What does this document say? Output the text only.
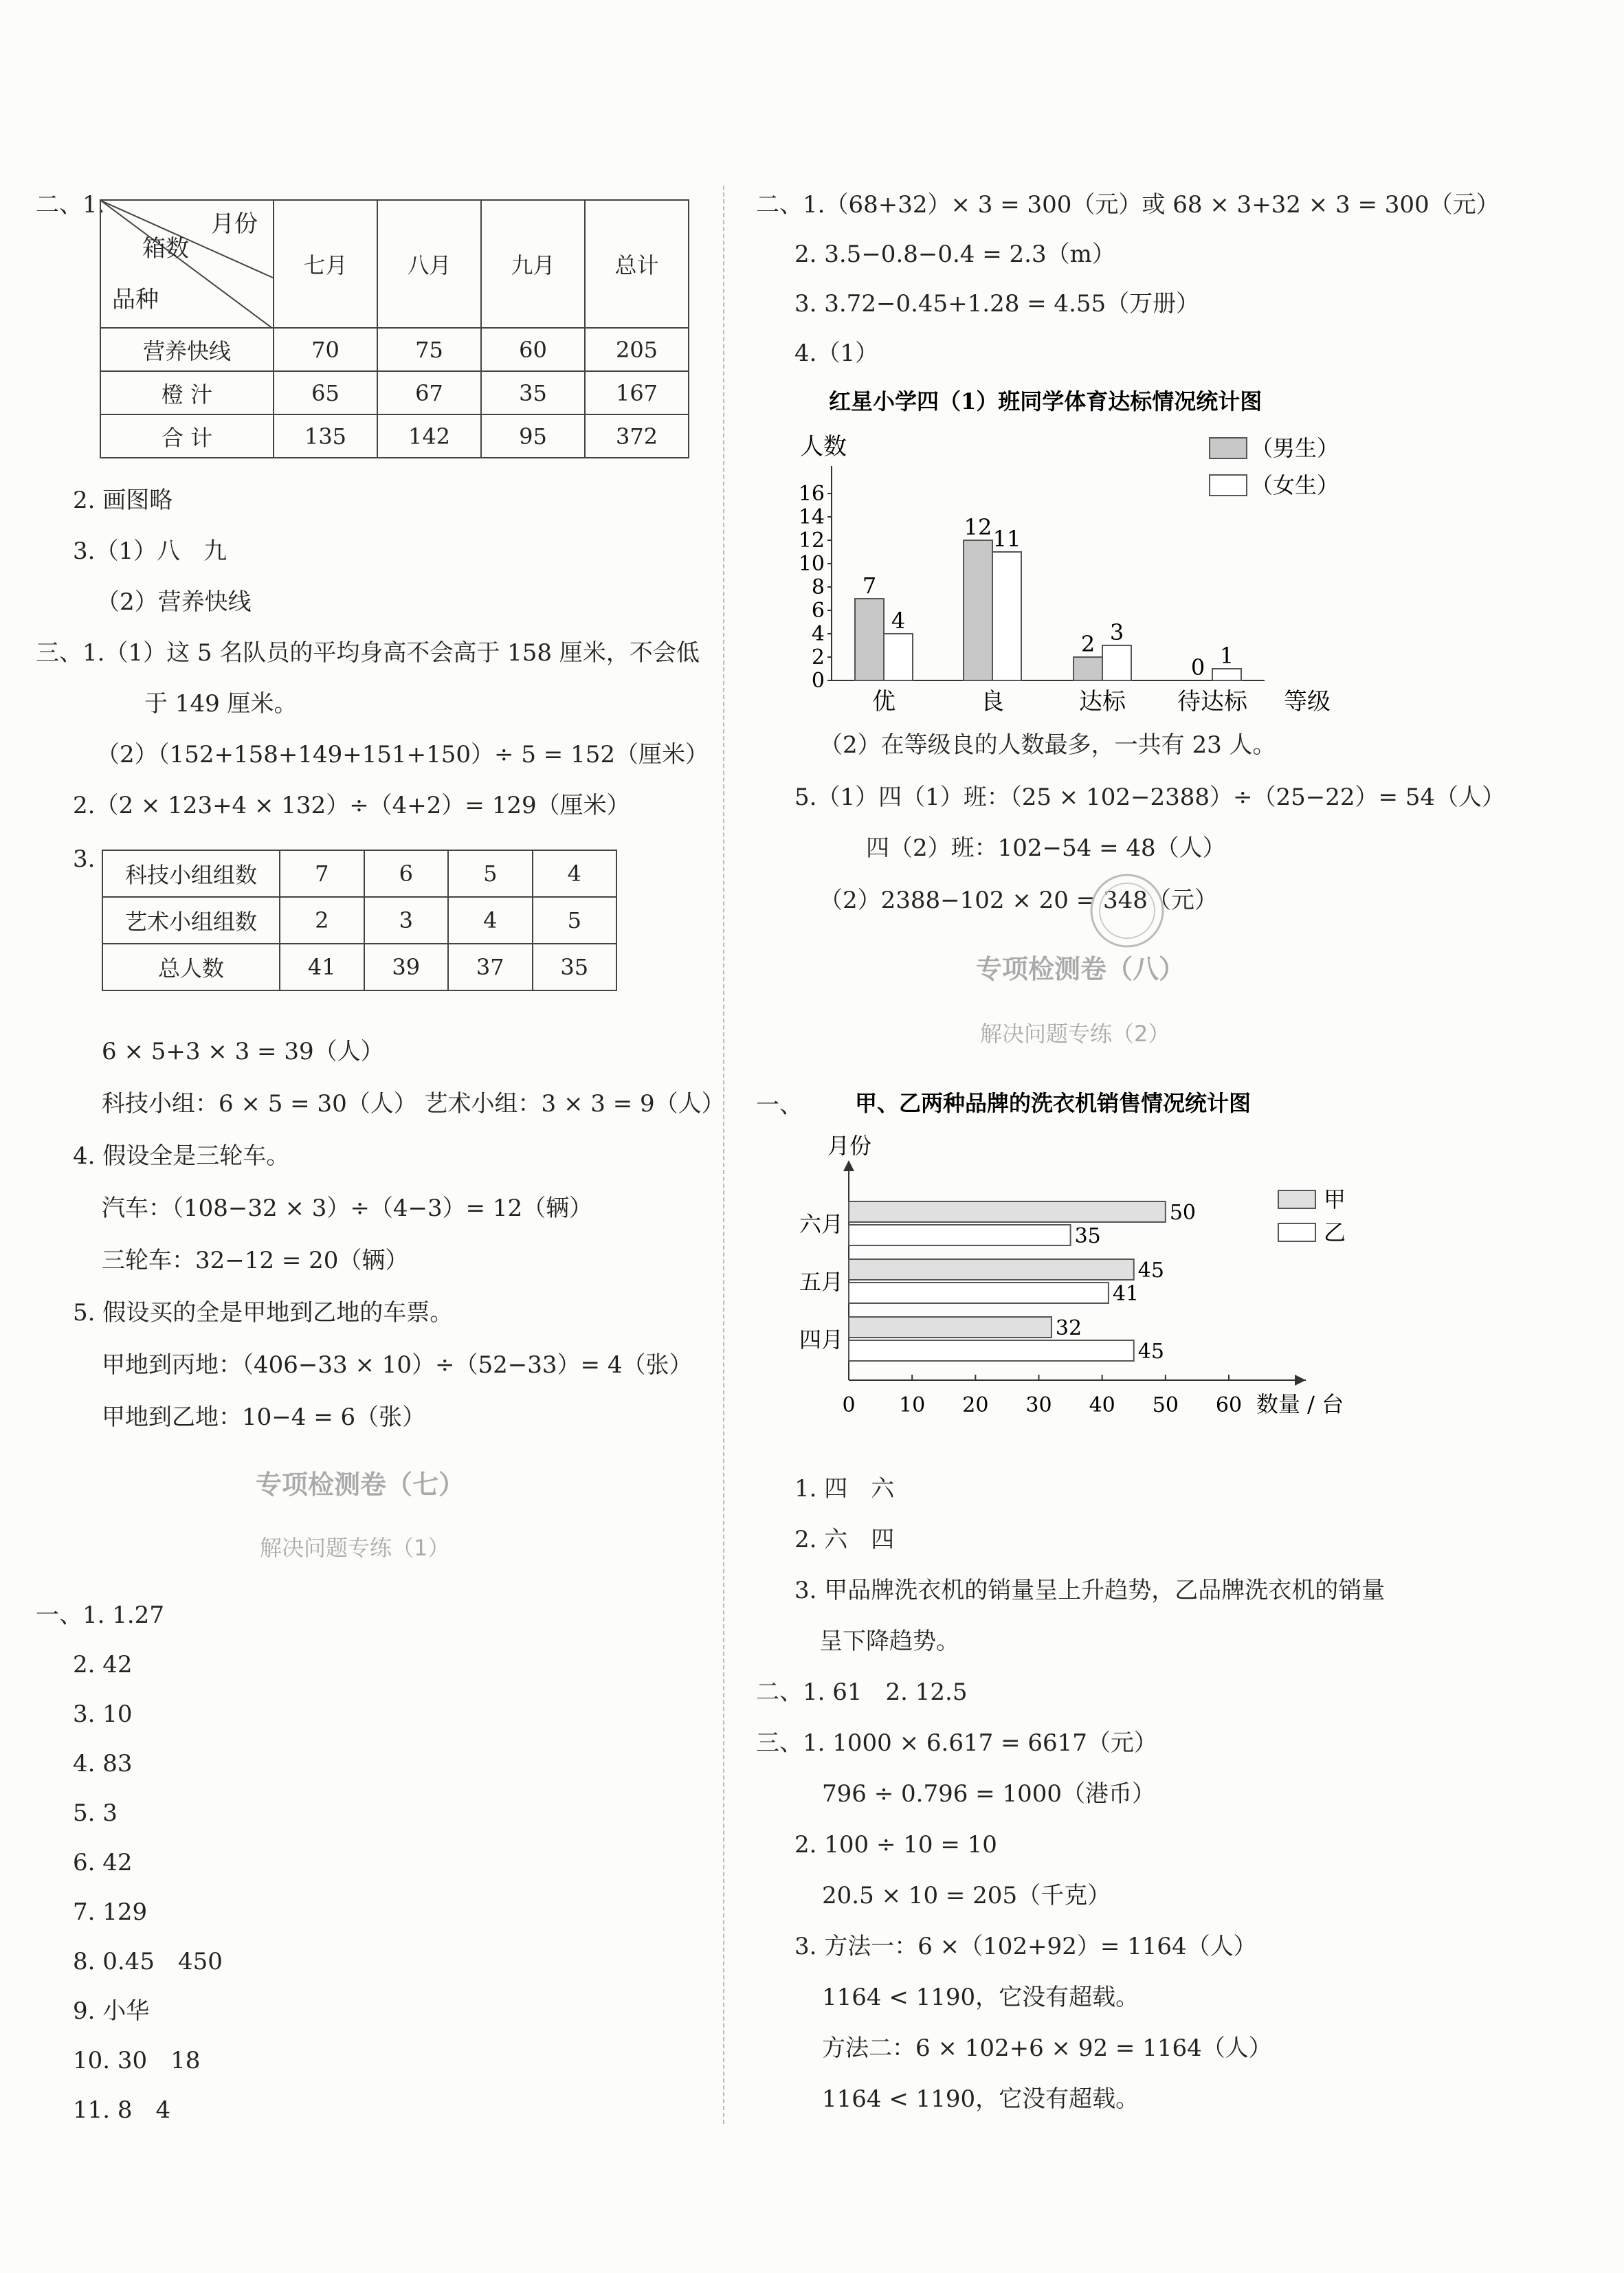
二、1.
月份
箱数
品种	七月	八月	九月	总计
营养快线	70	75	60	205
橙 汁	65	67	35	167
合 计	135	142	95	372
2. 画图略
3.（1）八　九
（2）营养快线
三、1.（1）这 5 名队员的平均身高不会高于 158 厘米，不会低
于 149 厘米。
（2）（152+158+149+151+150）÷ 5 = 152（厘米）
2.（2 × 123+4 × 132）÷（4+2）= 129（厘米）
3.
科技小组组数	7	6	5	4
艺术小组组数	2	3	4	5
总人数	41	39	37	35
6 × 5+3 × 3 = 39（人）
科技小组：6 × 5 = 30（人） 艺术小组：3 × 3 = 9（人）
4. 假设全是三轮车。
汽车：（108−32 × 3）÷（4−3）= 12（辆）
三轮车：32−12 = 20（辆）
5. 假设买的全是甲地到乙地的车票。
甲地到丙地：（406−33 × 10）÷（52−33）= 4（张）
甲地到乙地：10−4 = 6（张）
专项检测卷（七）
解决问题专练（1）
一、1. 1.27
2. 42
3. 10
4. 83
5. 3
6. 42
7. 129
8. 0.45　450
9. 小华
10. 30　18
11. 8　4
二、1.（68+32）× 3 = 300（元）或 68 × 3+32 × 3 = 300（元）
2. 3.5−0.8−0.4 = 2.3（m）
3. 3.72−0.45+1.28 = 4.55（万册）
4.（1）
红星小学四（1）班同学体育达标情况统计图
人数	（男生）
（女生）
0
2
4
6
8
10
12
14
16
7
4
优
12 11
良
2 3
达标
0 1
待达标 等级
（2）在等级良的人数最多，一共有 23 人。
5.（1）四（1）班：（25 × 102−2388）÷（25−22）= 54（人）
四（2）班：102−54 = 48（人）
（2）2388−102 × 20 = 348（元）
专项检测卷（八）
解决问题专练（2）
一、 甲、乙两种品牌的洗衣机销售情况统计图
月份
甲
乙
0 10 20 30 40 50 60 数量 / 台
50
35
六月
45
41
五月
32
45
四月
1. 四　六
2. 六　四
3. 甲品牌洗衣机的销量呈上升趋势，乙品牌洗衣机的销量
呈下降趋势。
二、1. 61　2. 12.5
三、1. 1000 × 6.617 = 6617（元）
796 ÷ 0.796 = 1000（港币）
2. 100 ÷ 10 = 10
20.5 × 10 = 205（千克）
3. 方法一：6 ×（102+92）= 1164（人）
1164 < 1190，它没有超载。
方法二：6 × 102+6 × 92 = 1164（人）
1164 < 1190，它没有超载。
